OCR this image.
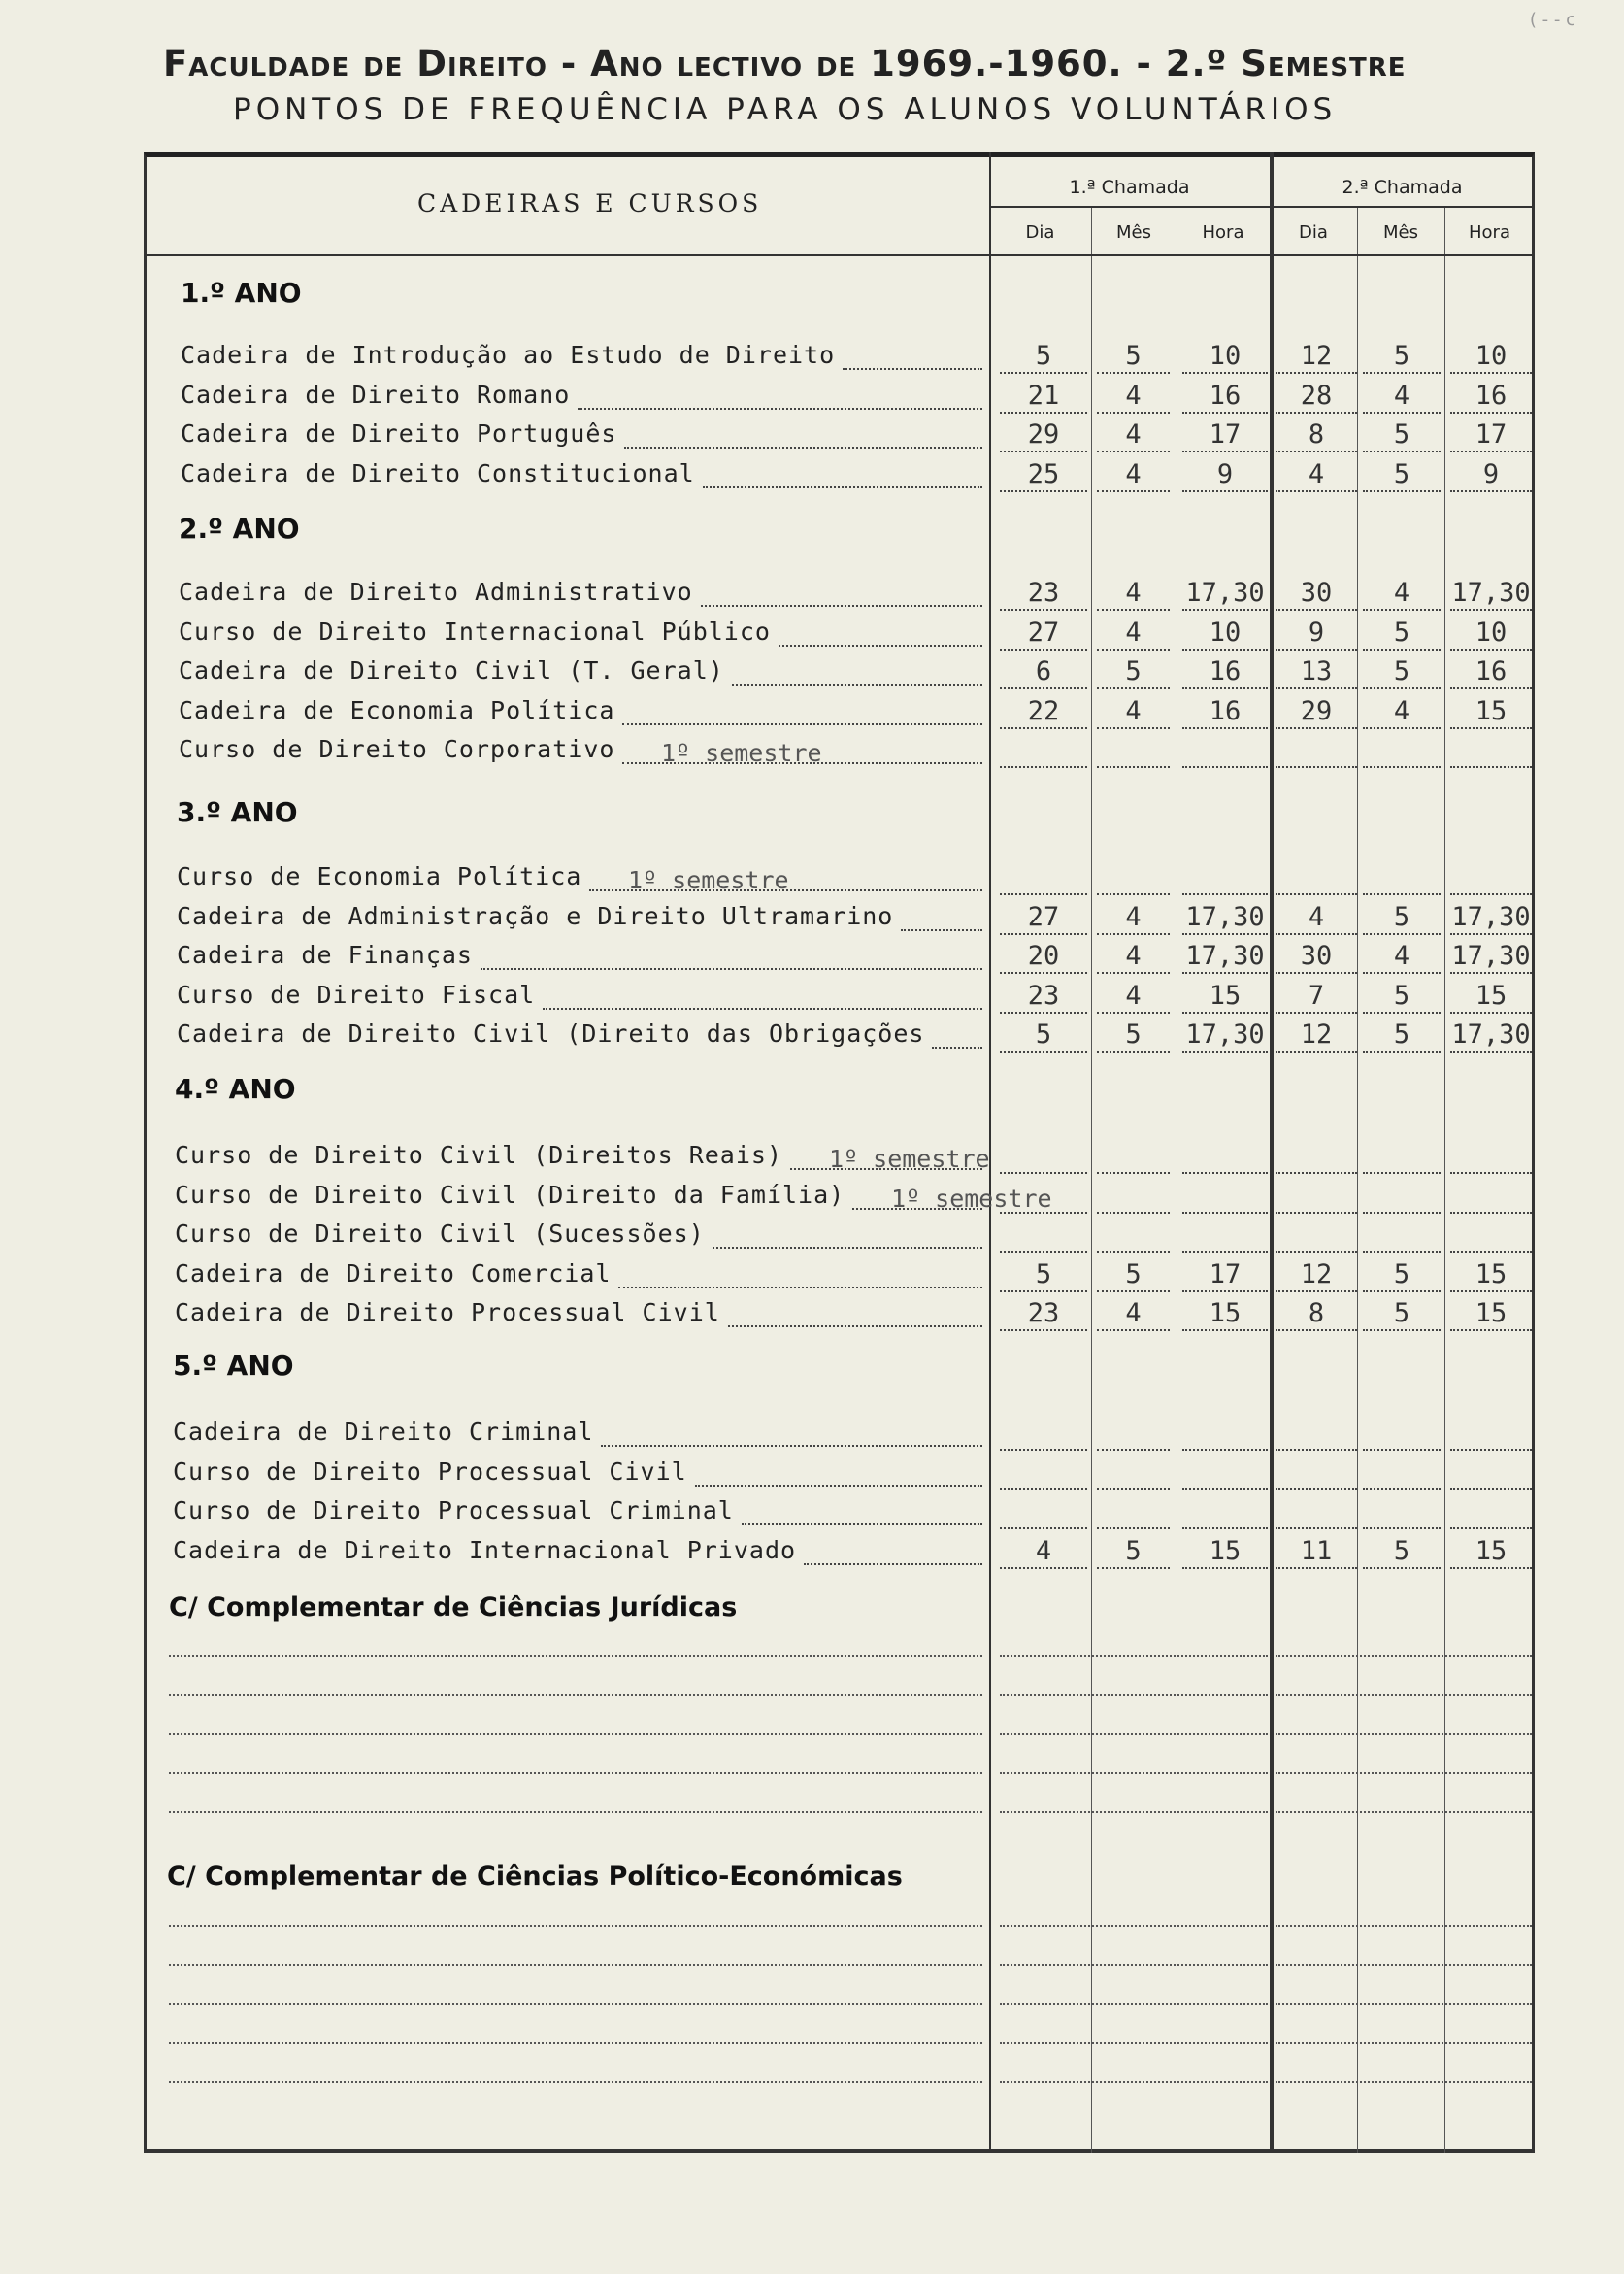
( - - c
Faculdade de Direito - Ano lectivo de 1969.-1960. - 2.º Semestre
PONTOS DE FREQUÊNCIA PARA OS ALUNOS VOLUNTÁRIOS
CADEIRAS E CURSOS
1.ª Chamada	2.ª Chamada
Dia	Mês	Hora	Dia	Mês	Hora
1.º ANO
Cadeira de Introdução ao Estudo de Direito	5	5	10	12	5	10
Cadeira de Direito Romano	21	4	16	28	4	16
Cadeira de Direito Português	29	4	17	8	5	17
Cadeira de Direito Constitucional	25	4	9	4	5	9
2.º ANO
Cadeira de Direito Administrativo	23	4	17,30	30	4	17,30
Curso de Direito Internacional Público	27	4	10	9	5	10
Cadeira de Direito Civil (T. Geral)	6	5	16	13	5	16
Cadeira de Economia Política	22	4	16	29	4	15
Curso de Direito Corporativo 1º semestre
3.º ANO
Curso de Economia Política 1º semestre
Cadeira de Administração e Direito Ultramarino	27	4	17,30	4	5	17,30
Cadeira de Finanças	20	4	17,30	30	4	17,30
Curso de Direito Fiscal	23	4	15	7	5	15
Cadeira de Direito Civil (Direito das Obrigações	5	5	17,30	12	5	17,30
4.º ANO
Curso de Direito Civil (Direitos Reais) 1º semestre
Curso de Direito Civil (Direito da Família) 1º semestre
Curso de Direito Civil (Sucessões)
Cadeira de Direito Comercial	5	5	17	12	5	15
Cadeira de Direito Processual Civil	23	4	15	8	5	15
5.º ANO
Cadeira de Direito Criminal
Curso de Direito Processual Civil
Curso de Direito Processual Criminal
Cadeira de Direito Internacional Privado	4	5	15	11	5	15
C/ Complementar de Ciências Jurídicas
C/ Complementar de Ciências Político-Económicas
